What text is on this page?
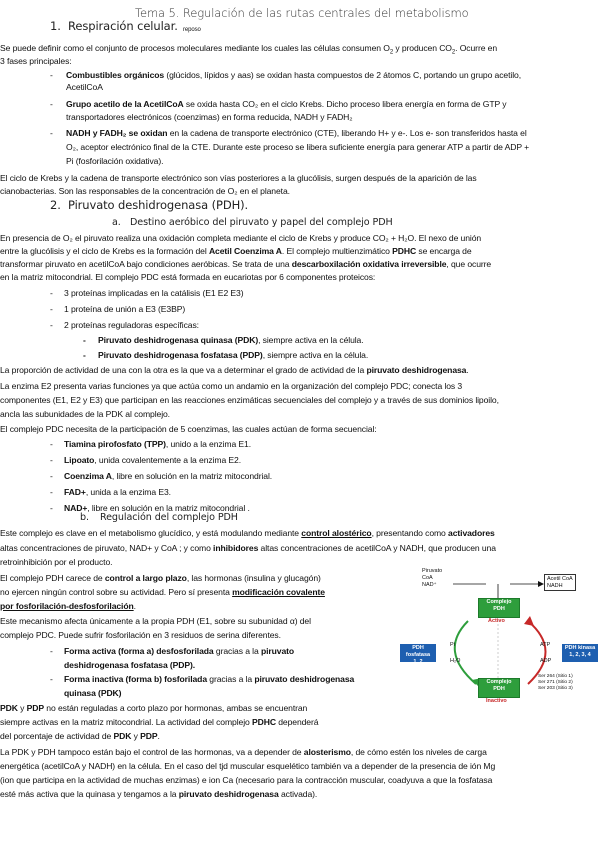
Tema 5. Regulación de las rutas centrales del metabolismo
1. Respiración celular. reposo
Se puede definir como el conjunto de procesos moleculares mediante los cuales las células consumen $O_2$ y producen $CO_2$. Ocurre en
3 fases principales:
- Combustibles orgánicos (glúcidos, lípidos y aas) se oxidan hasta compuestos de 2 átomos C, portando un grupo acetilo,
AcetilCoA
- Grupo acetilo de la AcetilCoA se oxida hasta CO₂ en el ciclo Krebs. Dicho proceso libera energía en forma de GTP y
transportadores electrónicos (coenzimas) en forma reducida, NADH y FADH₂
- NADH y FADH₂ se oxidan en la cadena de transporte electrónico (CTE), liberando H+ y e-. Los e- son transferidos hasta el
O₂, aceptor electrónico final de la CTE. Durante este proceso se libera suficiente energía para generar ATP a partir de ADP +
Pi (fosforilación oxidativa).
El ciclo de Krebs y la cadena de transporte electrónico son vías posteriores a la glucólisis, surgen después de la aparición de las
cianobacterias. Son las responsables de la concentración de O₂ en el planeta.
2. Piruvato deshidrogenasa (PDH).
a. Destino aeróbico del piruvato y papel del complejo PDH
En presencia de O₂ el piruvato realiza una oxidación completa mediante el ciclo de Krebs y produce CO₂ + H₂O. El nexo de unión
entre la glucólisis y el ciclo de Krebs es la formación del Acetil Coenzima A. El complejo multienzimático PDHC se encarga de
transformar piruvato en acetilCoA bajo condiciones aeróbicas. Se trata de una descarboxilación oxidativa irreversible, que ocurre
en la matriz mitocondrial. El complejo PDC está formada en eucariotas por 6 componentes proteicos:
- 3 proteínas implicadas en la catálisis (E1 E2 E3)
- 1 proteína de unión a E3 (E3BP)
- 2 proteínas reguladoras específicas:
- Piruvato deshidrogenasa quinasa (PDK), siempre activa en la célula.
- Piruvato deshidrogenasa fosfatasa (PDP), siempre activa en la célula.
La proporción de actividad de una con la otra es la que va a determinar el grado de actividad de la piruvato deshidrogenasa.
La enzima E2 presenta varias funciones ya que actúa como un andamio en la organización del complejo PDC; conecta los 3
componentes (E1, E2 y E3) que participan en las reacciones enzimáticas secuenciales del complejo y a través de sus dominios lipoilo,
ancla las subunidades de la PDK al complejo.
El complejo PDC necesita de la participación de 5 coenzimas, las cuales actúan de forma secuencial:
- Tiamina pirofosfato (TPP), unido a la enzima E1.
- Lipoato, unida covalentemente a la enzima E2.
- Coenzima A, libre en solución en la matriz mitocondrial.
- FAD+, unida a la enzima E3.
- NAD+, libre en solución en la matriz mitocondrial .
b. Regulación del complejo PDH
Este complejo es clave en el metabolismo glucídico, y está modulando mediante control alostérico, presentando como activadores
altas concentraciones de piruvato, NAD+ y CoA ; y como inhibidores altas concentraciones de acetilCoA y NADH, que producen una
retroinhibición por el producto.
El complejo PDH carece de control a largo plazo, las hormonas (insulina y glucagón)
no ejercen ningún control sobre su actividad. Pero sí presenta modificación covalente
por fosforilación-desfosforilación.
Este mecanismo afecta únicamente a la propia PDH (E1, sobre su subunidad α) del
complejo PDC. Puede sufrir fosforilación en 3 residuos de serina diferentes.
- Forma activa (forma a) desfosforilada gracias a la piruvato
deshidrogenasa fosfatasa (PDP).
- Forma inactiva (forma b) fosforilada gracias a la piruvato deshidrogenasa
quinasa (PDK)
PDK y PDP no están reguladas a corto plazo por hormonas, ambas se encuentran
siempre activas en la matriz mitocondrial. La actividad del complejo PDHC dependerá
del porcentaje de actividad de PDK y PDP.
La PDK y PDH tampoco están bajo el control de las hormonas, va a depender de alosterismo, de cómo estén los niveles de carga
energética (acetilCoA y NADH) en la célula. En el caso del tjd muscular esquelético también va a depender de la presencia de ión Mg
(ion que participa en la actividad de muchas enzimas) e ion Ca (necesario para la contracción muscular, coadyuva a que la fosfatasa
esté más activa que la quinasa y tengamos a la piruvato deshidrogenasa activada).
Piruvato
CoA
NAD⁺
Acetil CoA
NADH
Complejo
PDH
Activo
PDH fosfatasa
1, 2
PDH kinasa
1, 2, 3, 4
ATP
ADP
Pi
H₂O
Complejo
PDH
Inactivo
Ser 264 (Sitio 1)
Ser 271 (Sitio 2)
Ser 203 (Sitio 3)
